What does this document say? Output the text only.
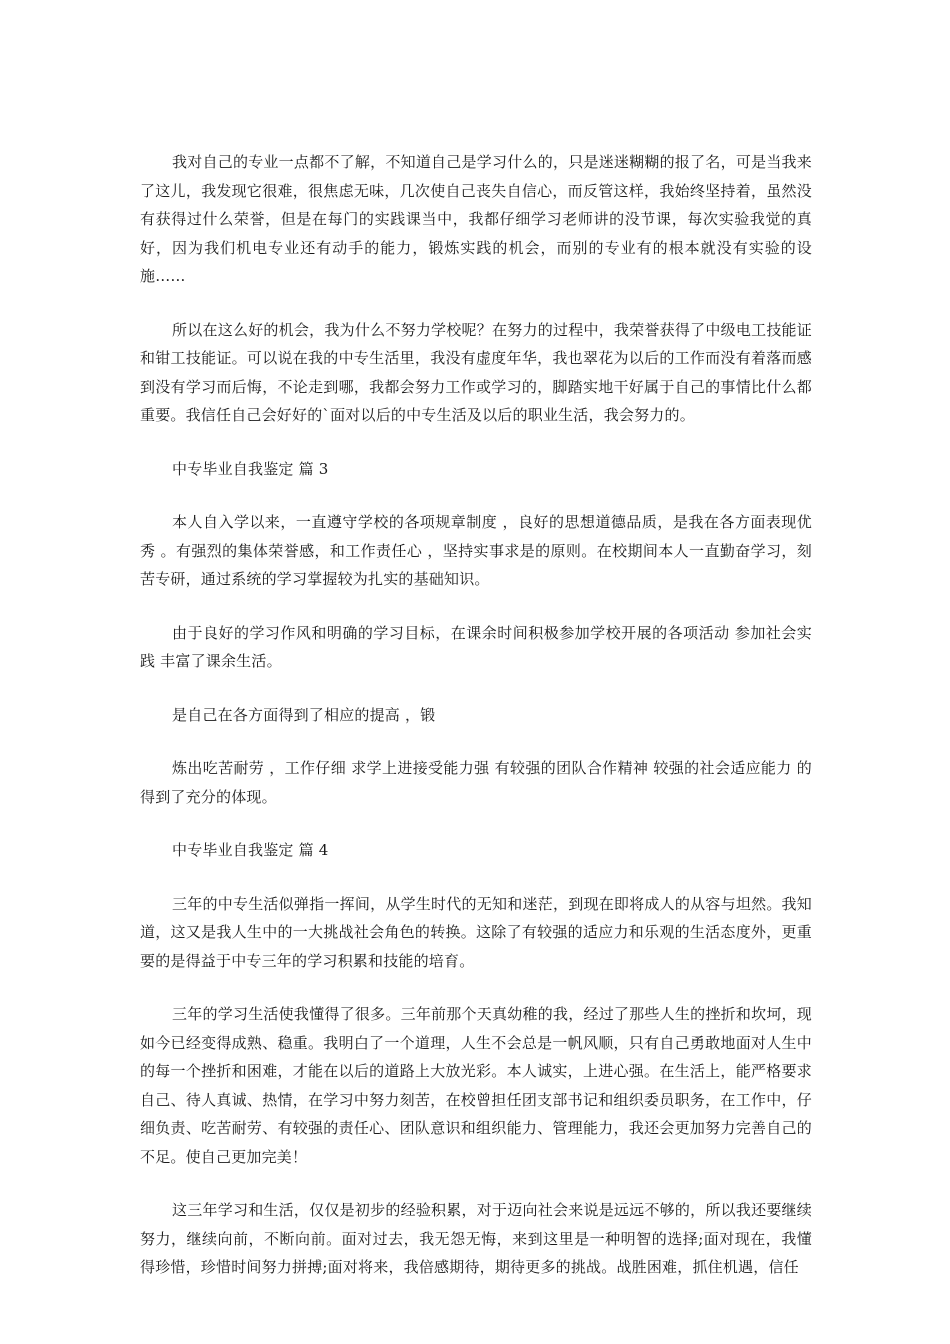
我对自己的专业一点都不了解，不知道自己是学习什么的，只是迷迷糊糊的报了名，可是当我来了这儿，我发现它很难，很焦虑无味，几次使自己丧失自信心，而反管这样，我始终坚持着，虽然没有获得过什么荣誉，但是在每门的实践课当中，我都仔细学习老师讲的没节课，每次实验我觉的真好，因为我们机电专业还有动手的能力，锻炼实践的机会，而别的专业有的根本就没有实验的设施……

所以在这么好的机会，我为什么不努力学校呢？在努力的过程中，我荣誉获得了中级电工技能证和钳工技能证。可以说在我的中专生活里，我没有虚度年华，我也翠花为以后的工作而没有着落而感到没有学习而后悔，不论走到哪，我都会努力工作或学习的，脚踏实地干好属于自己的事情比什么都重要。我信任自己会好好的`面对以后的中专生活及以后的职业生活，我会努力的。

中专毕业自我鉴定 篇 3

本人自入学以来，一直遵守学校的各项规章制度 ，良好的思想道德品质，是我在各方面表现优秀 。有强烈的集体荣誉感，和工作责任心 ，坚持实事求是的原则。在校期间本人一直勤奋学习，刻苦专研，通过系统的学习掌握较为扎实的基础知识。

由于良好的学习作风和明确的学习目标，在课余时间积极参加学校开展的各项活动 参加社会实践 丰富了课余生活。

是自己在各方面得到了相应的提高 ，锻

炼出吃苦耐劳 ，工作仔细 求学上进接受能力强 有较强的团队合作精神 较强的社会适应能力 的得到了充分的体现。

中专毕业自我鉴定 篇 4

三年的中专生活似弹指一挥间，从学生时代的无知和迷茫，到现在即将成人的从容与坦然。我知道，这又是我人生中的一大挑战社会角色的转换。这除了有较强的适应力和乐观的生活态度外，更重要的是得益于中专三年的学习积累和技能的培育。

三年的学习生活使我懂得了很多。三年前那个天真幼稚的我，经过了那些人生的挫折和坎坷，现如今已经变得成熟、稳重。我明白了一个道理，人生不会总是一帆风顺，只有自己勇敢地面对人生中的每一个挫折和困难，才能在以后的道路上大放光彩。本人诚实，上进心强。在生活上，能严格要求自己、待人真诚、热情，在学习中努力刻苦，在校曾担任团支部书记和组织委员职务，在工作中，仔细负责、吃苦耐劳、有较强的责任心、团队意识和组织能力、管理能力，我还会更加努力完善自己的不足。使自己更加完美！

这三年学习和生活，仅仅是初步的经验积累，对于迈向社会来说是远远不够的，所以我还要继续努力，继续向前，不断向前。面对过去，我无怨无悔，来到这里是一种明智的选择;面对现在，我懂得珍惜，珍惜时间努力拼搏;面对将来，我倍感期待，期待更多的挑战。战胜困难，抓住机遇，信任
